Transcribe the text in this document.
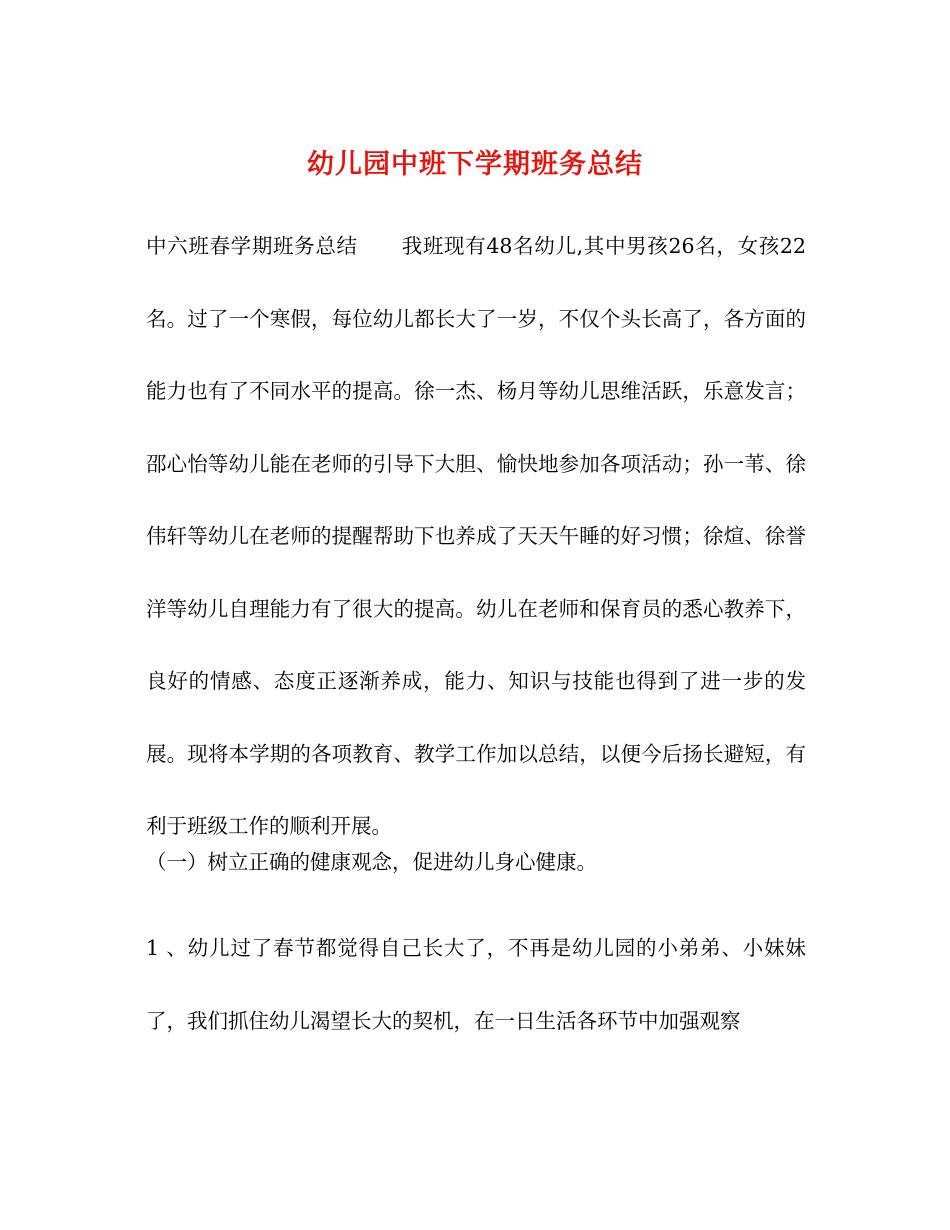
幼儿园中班下学期班务总结

中六班春学期班务总结 我班现有48名幼儿,其中男孩26名，女孩22名。过了一个寒假，每位幼儿都长大了一岁，不仅个头长高了，各方面的能力也有了不同水平的提高。徐一杰、杨月等幼儿思维活跃，乐意发言；邵心怡等幼儿能在老师的引导下大胆、愉快地参加各项活动；孙一苇、徐伟轩等幼儿在老师的提醒帮助下也养成了天天午睡的好习惯；徐煊、徐誉洋等幼儿自理能力有了很大的提高。幼儿在老师和保育员的悉心教养下，良好的情感、态度正逐渐养成，能力、知识与技能也得到了进一步的发展。现将本学期的各项教育、教学工作加以总结，以便今后扬长避短，有利于班级工作的顺利开展。

（一）树立正确的健康观念，促进幼儿身心健康。

1 、幼儿过了春节都觉得自己长大了，不再是幼儿园的小弟弟、小妹妹了，我们抓住幼儿渴望长大的契机，在一日生活各环节中加强观察
